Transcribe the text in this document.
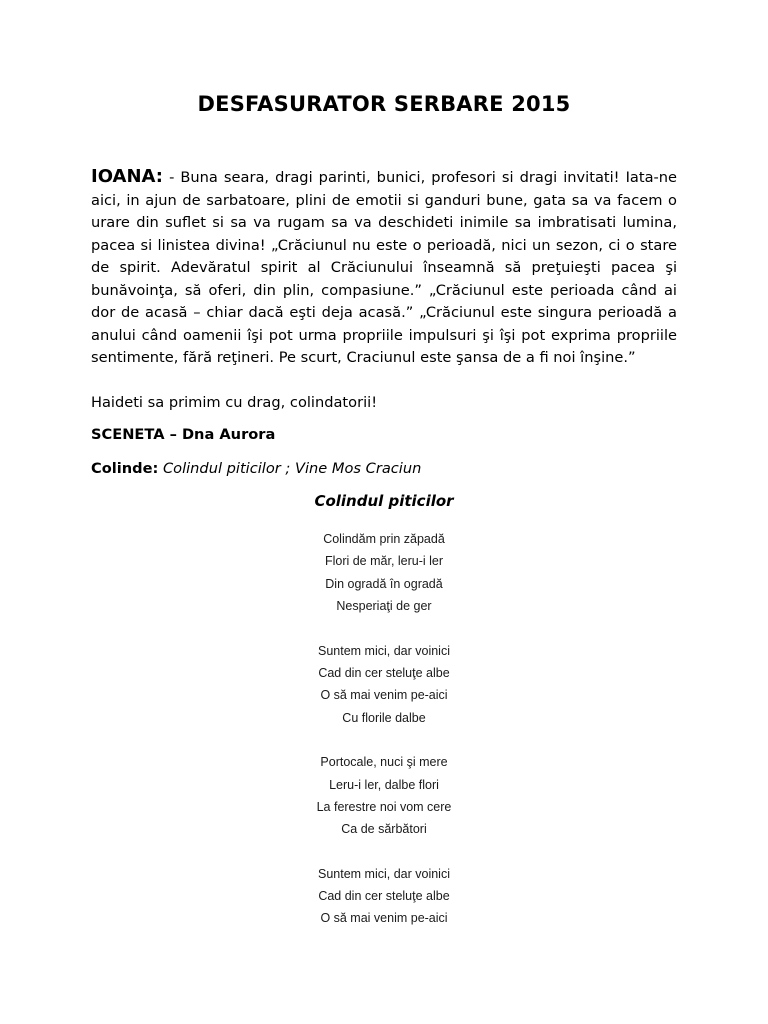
DESFASURATOR SERBARE 2015
IOANA: - Buna seara, dragi parinti, bunici, profesori si dragi invitati! Iata-ne aici, in ajun de sarbatoare, plini de emotii si ganduri bune, gata sa va facem o urare din suflet si sa va rugam sa va deschideti inimile sa imbratisati lumina, pacea si linistea divina! „Crăciunul nu este o perioadă, nici un sezon, ci o stare de spirit. Adevăratul spirit al Crăciunului înseamnă să preţuieşti pacea şi bunăvoinţa, să oferi, din plin, compasiune.” „Crăciunul este perioada când ai dor de acasă – chiar dacă eşti deja acasă.” „Crăciunul este singura perioadă a anului când oamenii îşi pot urma propriile impulsuri şi îşi pot exprima propriile sentimente, fără reţineri. Pe scurt, Craciunul este şansa de a fi noi înşine.”
Haideti sa primim cu drag, colindatorii!
SCENETA – Dna Aurora
Colinde: Colindul piticilor ; Vine Mos Craciun
Colindul piticilor
Colindăm prin zăpadă
Flori de măr, leru-i ler
Din ogradă în ogradă
Nesperiaţi de ger
Suntem mici, dar voinici
Cad din cer steluţe albe
O să mai venim pe-aici
Cu florile dalbe
Portocale, nuci şi mere
Leru-i ler, dalbe flori
La ferestre noi vom cere
Ca de sărbători
Suntem mici, dar voinici
Cad din cer steluţe albe
O să mai venim pe-aici
